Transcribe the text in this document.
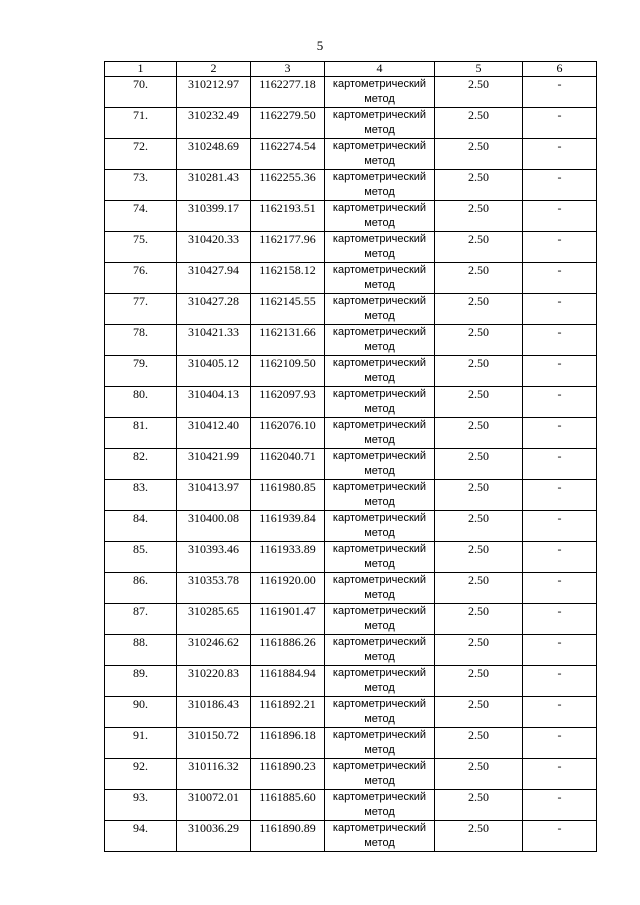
5
1	2	3	4	5	6
70.	310212.97	1162277.18	картометрический метод	2.50	-
71.	310232.49	1162279.50	картометрический метод	2.50	-
72.	310248.69	1162274.54	картометрический метод	2.50	-
73.	310281.43	1162255.36	картометрический метод	2.50	-
74.	310399.17	1162193.51	картометрический метод	2.50	-
75.	310420.33	1162177.96	картометрический метод	2.50	-
76.	310427.94	1162158.12	картометрический метод	2.50	-
77.	310427.28	1162145.55	картометрический метод	2.50	-
78.	310421.33	1162131.66	картометрический метод	2.50	-
79.	310405.12	1162109.50	картометрический метод	2.50	-
80.	310404.13	1162097.93	картометрический метод	2.50	-
81.	310412.40	1162076.10	картометрический метод	2.50	-
82.	310421.99	1162040.71	картометрический метод	2.50	-
83.	310413.97	1161980.85	картометрический метод	2.50	-
84.	310400.08	1161939.84	картометрический метод	2.50	-
85.	310393.46	1161933.89	картометрический метод	2.50	-
86.	310353.78	1161920.00	картометрический метод	2.50	-
87.	310285.65	1161901.47	картометрический метод	2.50	-
88.	310246.62	1161886.26	картометрический метод	2.50	-
89.	310220.83	1161884.94	картометрический метод	2.50	-
90.	310186.43	1161892.21	картометрический метод	2.50	-
91.	310150.72	1161896.18	картометрический метод	2.50	-
92.	310116.32	1161890.23	картометрический метод	2.50	-
93.	310072.01	1161885.60	картометрический метод	2.50	-
94.	310036.29	1161890.89	картометрический метод	2.50	-
